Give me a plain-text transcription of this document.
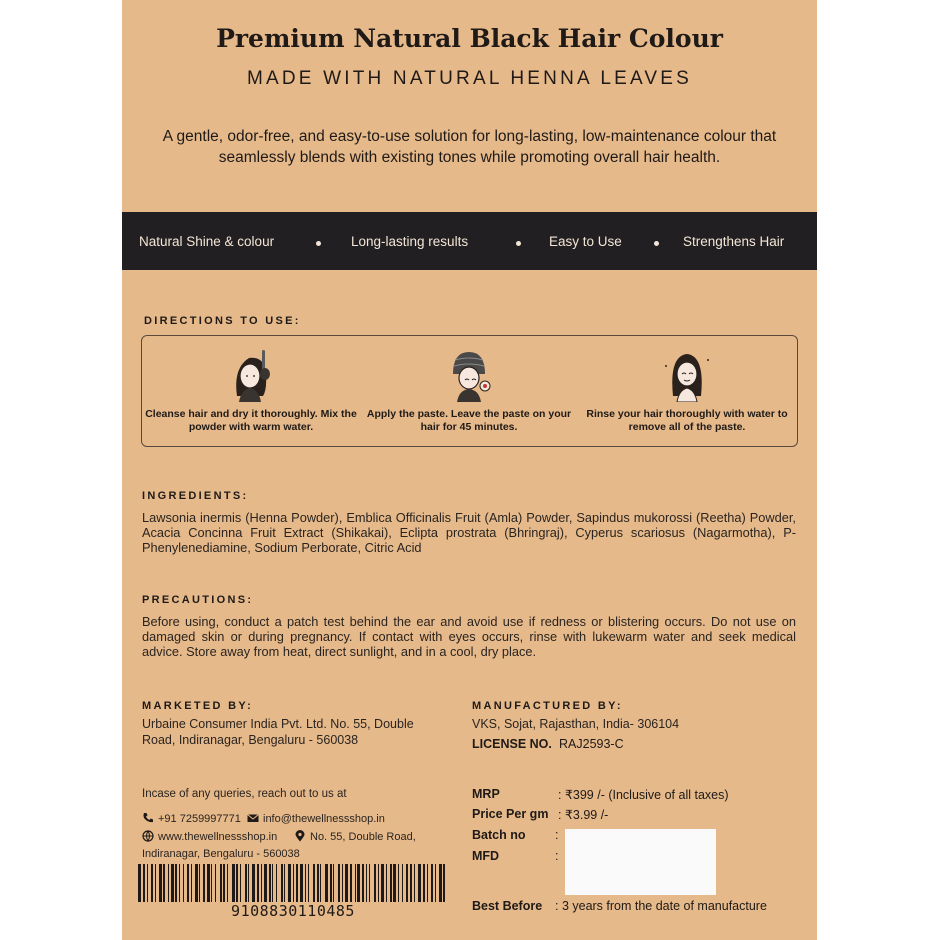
Premium Natural Black Hair Colour
MADE WITH NATURAL HENNA LEAVES
A gentle, odor-free, and easy-to-use solution for long-lasting, low-maintenance colour that seamlessly blends with existing tones while promoting overall hair health.
Natural Shine & colour	Long-lasting results	Easy to Use	Strengthens Hair
DIRECTIONS TO USE:
Cleanse hair and dry it thoroughly. Mix the powder with warm water.
Apply the paste. Leave the paste on your hair for 45 minutes.
Rinse your hair thoroughly with water to remove all of the paste.
INGREDIENTS:
Lawsonia inermis (Henna Powder), Emblica Officinalis Fruit (Amla) Powder, Sapindus mukorossi (Reetha) Powder, Acacia Concinna Fruit Extract (Shikakai), Eclipta prostrata (Bhringraj), Cyperus scariosus (Nagarmotha), P-Phenylenediamine, Sodium Perborate, Citric Acid
PRECAUTIONS:
Before using, conduct a patch test behind the ear and avoid use if redness or blistering occurs. Do not use on damaged skin or during pregnancy. If contact with eyes occurs, rinse with lukewarm water and seek medical advice. Store away from heat, direct sunlight, and in a cool, dry place.
MARKETED BY:
Urbaine Consumer India Pvt. Ltd. No. 55, Double Road, Indiranagar, Bengaluru - 560038
MANUFACTURED BY:
VKS, Sojat, Rajasthan, India- 306104
LICENSE NO. RAJ2593-C
Incase of any queries, reach out to us at
+91 7259997771	info@thewellnessshop.in
www.thewellnessshop.in	No. 55, Double Road,
Indiranagar, Bengaluru - 560038
9108830110485
MRP	: ₹399 /- (Inclusive of all taxes)
Price Per gm : ₹3.99 /-
Batch no :
MFD	:
Best Before : 3 years from the date of manufacture
